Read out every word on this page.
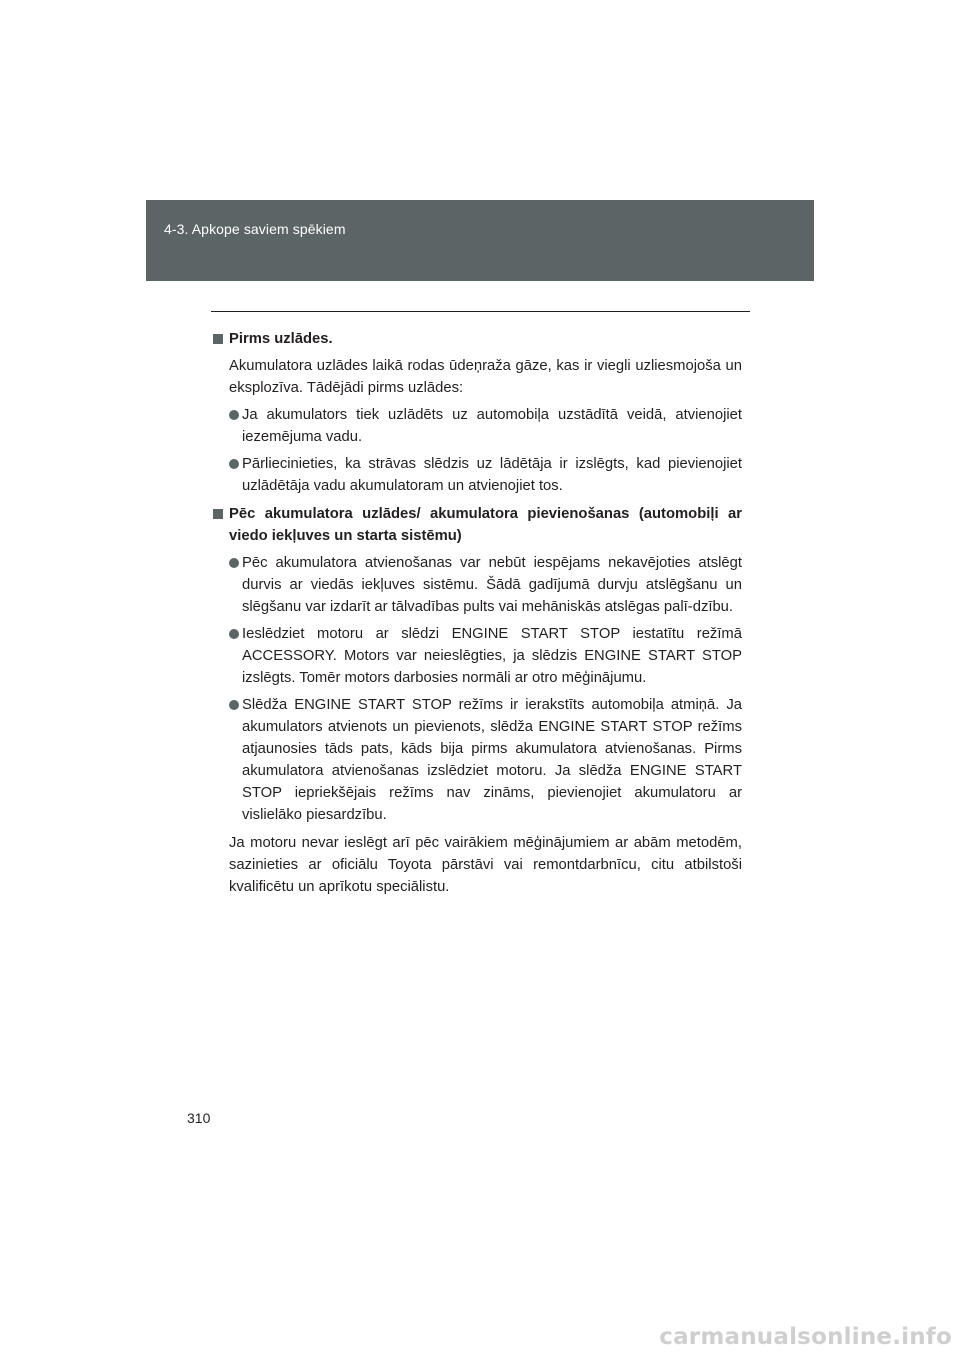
4-3. Apkope saviem spēkiem

Pirms uzlādes.

Akumulatora uzlādes laikā rodas ūdeņraža gāze, kas ir viegli uzliesmojoša un eksplozīva. Tādējādi pirms uzlādes:

Ja akumulators tiek uzlādēts uz automobiļa uzstādītā veidā, atvienojiet iezemējuma vadu.
Pārliecinieties, ka strāvas slēdzis uz lādētāja ir izslēgts, kad pievienojiet uzlādētāja vadu akumulatoram un atvienojiet tos.

Pēc akumulatora uzlādes/ akumulatora pievienošanas (automobiļi ar viedo iekļuves un starta sistēmu)

Pēc akumulatora atvienošanas var nebūt iespējams nekavējoties atslēgt durvis ar viedās iekļuves sistēmu. Šādā gadījumā durvju atslēgšanu un slēgšanu var izdarīt ar tālvadības pults vai mehāniskās atslēgas palī-dzību.
Ieslēdziet motoru ar slēdzi ENGINE START STOP iestatītu režīmā ACCESSORY. Motors var neieslēgties, ja slēdzis ENGINE START STOP izslēgts. Tomēr motors darbosies normāli ar otro mēģinājumu.
Slēdža ENGINE START STOP režīms ir ierakstīts automobiļa atmiņā. Ja akumulators atvienots un pievienots, slēdža ENGINE START STOP režīms atjaunosies tāds pats, kāds bija pirms akumulatora atvienošanas. Pirms akumulatora atvienošanas izslēdziet motoru. Ja slēdža ENGINE START STOP iepriekšējais režīms nav zināms, pievienojiet akumulatoru ar vislielāko piesardzību.

Ja motoru nevar ieslēgt arī pēc vairākiem mēģinājumiem ar abām metodēm, sazinieties ar oficiālu Toyota pārstāvi vai remontdarbnīcu, citu atbilstoši kvalificētu un aprīkotu speciālistu.

310
carmanualsonline.info
